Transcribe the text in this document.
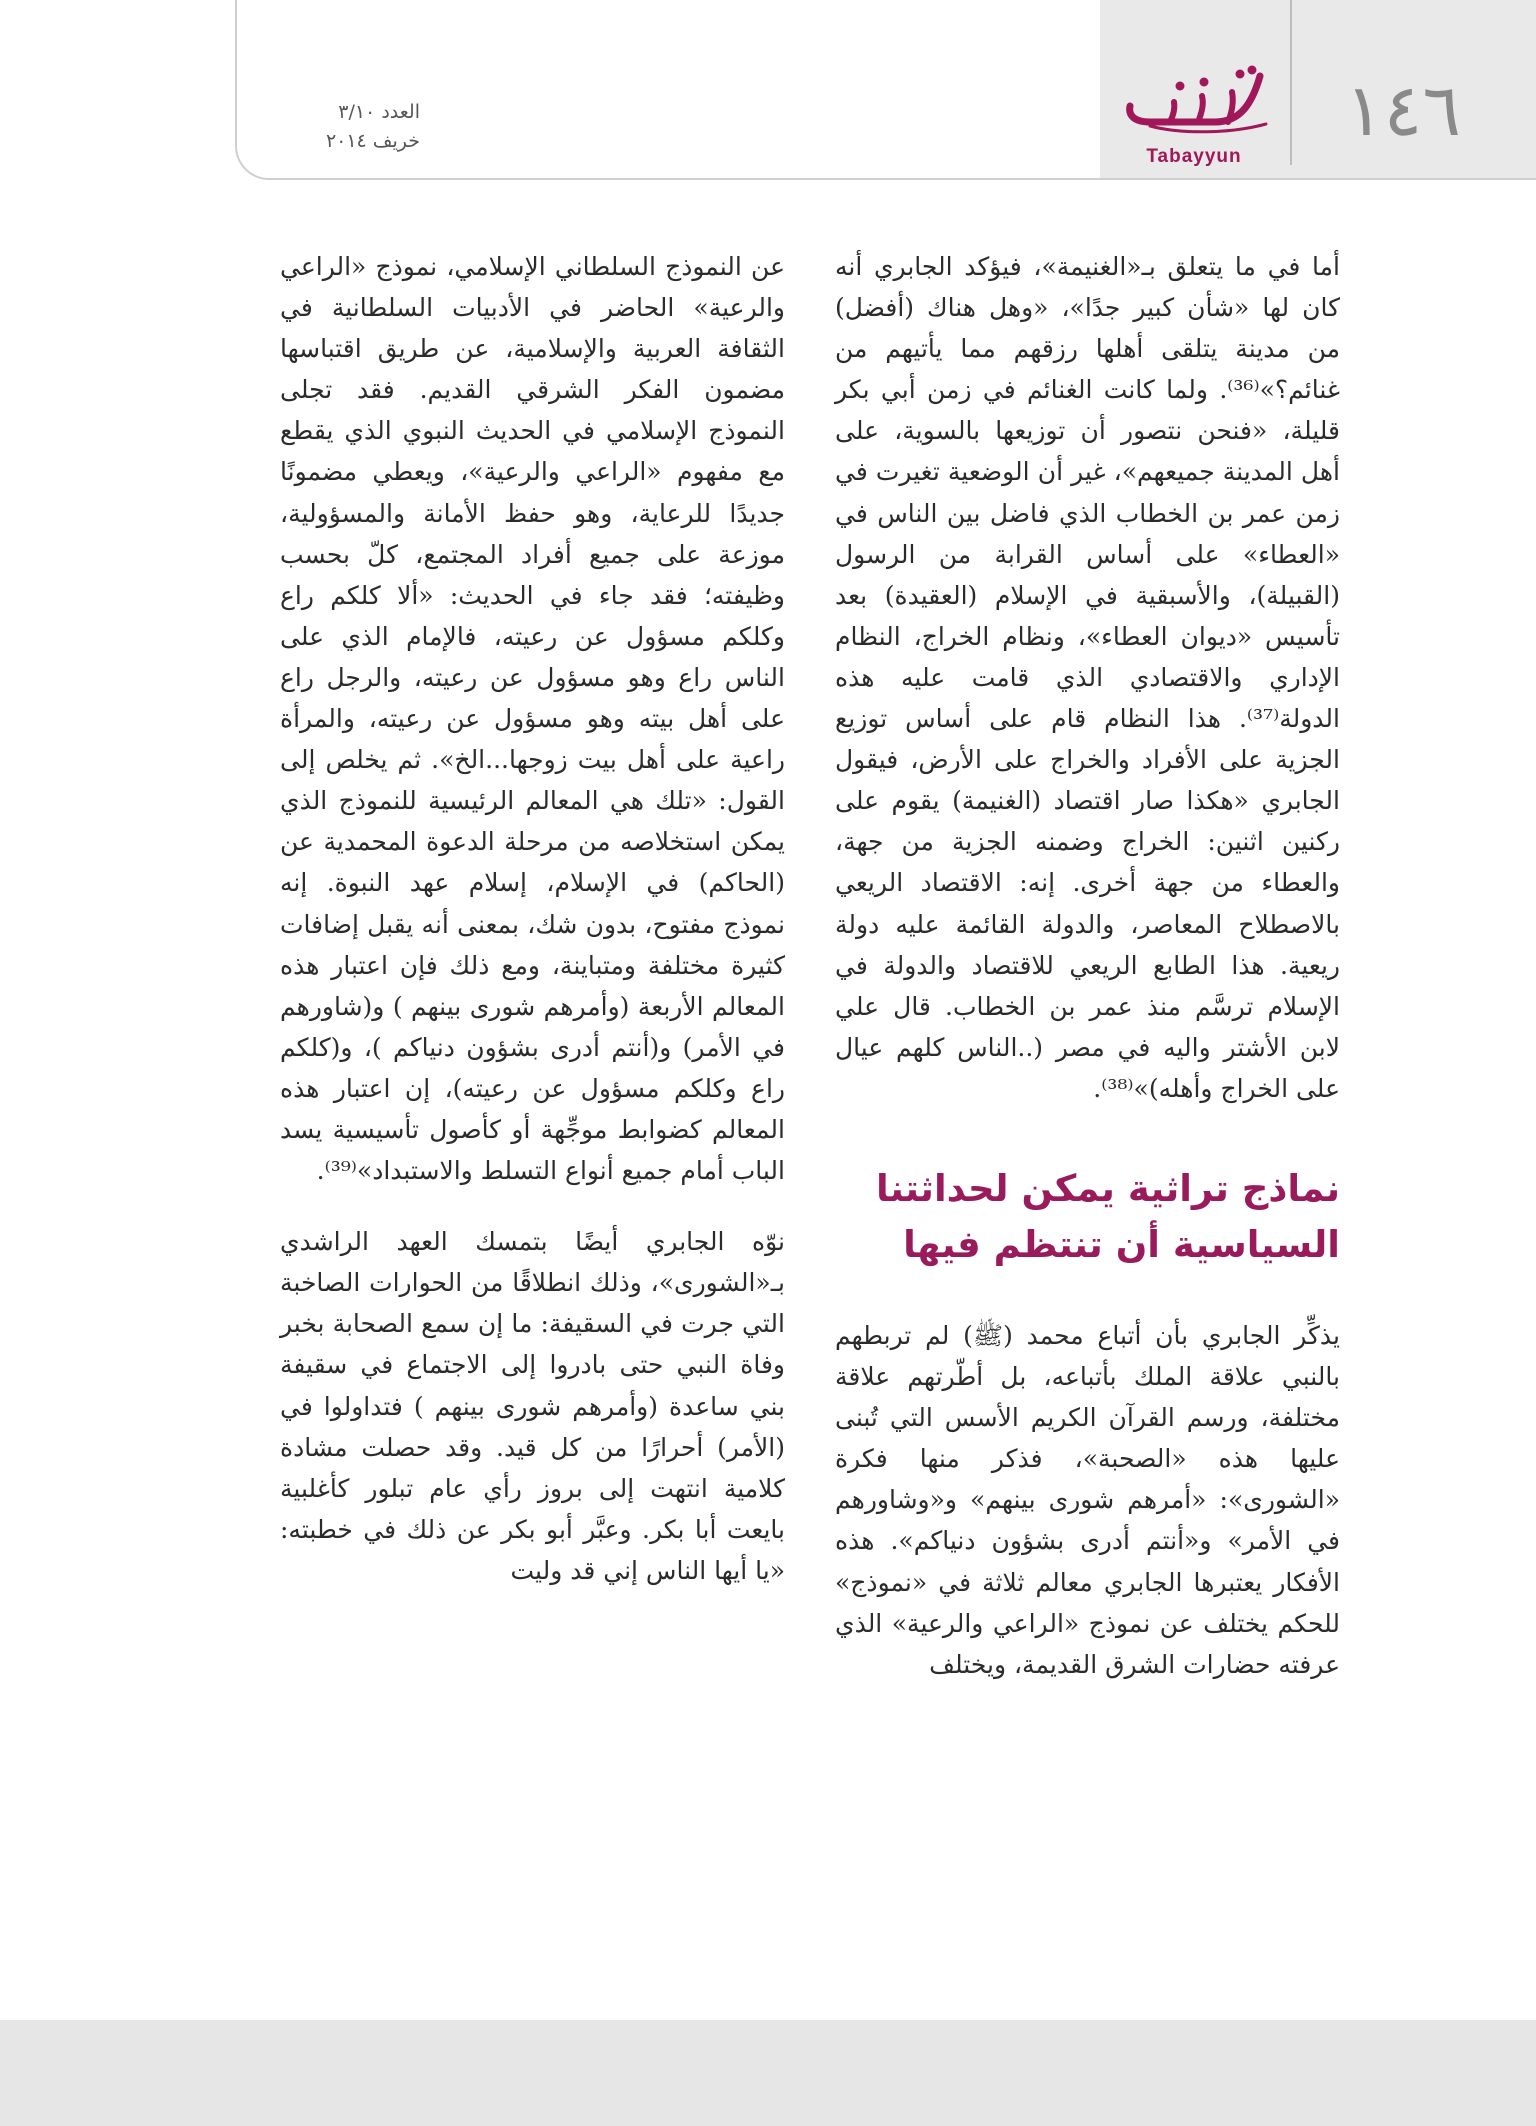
Tabayyun
١٤٦
العدد ٣/١٠
خريف ٢٠١٤

أما في ما يتعلق بـ«الغنيمة»، فيؤكد الجابري أنه كان لها «شأن كبير جدًا»، «وهل هناك (أفضل) من مدينة يتلقى أهلها رزقهم مما يأتيهم من غنائم؟»⁽³⁶⁾. ولما كانت الغنائم في زمن أبي بكر قليلة، «فنحن نتصور أن توزيعها بالسوية، على أهل المدينة جميعهم»، غير أن الوضعية تغيرت في زمن عمر بن الخطاب الذي فاضل بين الناس في «العطاء» على أساس القرابة من الرسول (القبيلة)، والأسبقية في الإسلام (العقيدة) بعد تأسيس «ديوان العطاء»، ونظام الخراج، النظام الإداري والاقتصادي الذي قامت عليه هذه الدولة⁽³⁷⁾. هذا النظام قام على أساس توزيع الجزية على الأفراد والخراج على الأرض، فيقول الجابري «هكذا صار اقتصاد (الغنيمة) يقوم على ركنين اثنين: الخراج وضمنه الجزية من جهة، والعطاء من جهة أخرى. إنه: الاقتصاد الريعي بالاصطلاح المعاصر، والدولة القائمة عليه دولة ريعية. هذا الطابع الريعي للاقتصاد والدولة في الإسلام ترسَّم منذ عمر بن الخطاب. قال علي لابن الأشتر واليه في مصر (..الناس كلهم عيال على الخراج وأهله)»⁽³⁸⁾.

نماذج تراثية يمكن لحداثتنا السياسية أن تنتظم فيها

يذكِّر الجابري بأن أتباع محمد (ﷺ) لم تربطهم بالنبي علاقة الملك بأتباعه، بل أطّرتهم علاقة مختلفة، ورسم القرآن الكريم الأسس التي تُبنى عليها هذه «الصحبة»، فذكر منها فكرة «الشورى»: «أمرهم شورى بينهم» و«وشاورهم في الأمر» و«أنتم أدرى بشؤون دنياكم». هذه الأفكار يعتبرها الجابري معالم ثلاثة في «نموذج» للحكم يختلف عن نموذج «الراعي والرعية» الذي عرفته حضارات الشرق القديمة، ويختلف

عن النموذج السلطاني الإسلامي، نموذج «الراعي والرعية» الحاضر في الأدبيات السلطانية في الثقافة العربية والإسلامية، عن طريق اقتباسها مضمون الفكر الشرقي القديم. فقد تجلى النموذج الإسلامي في الحديث النبوي الذي يقطع مع مفهوم «الراعي والرعية»، ويعطي مضمونًا جديدًا للرعاية، وهو حفظ الأمانة والمسؤولية، موزعة على جميع أفراد المجتمع، كلّ بحسب وظيفته؛ فقد جاء في الحديث: «ألا كلكم راع وكلكم مسؤول عن رعيته، فالإمام الذي على الناس راع وهو مسؤول عن رعيته، والرجل راع على أهل بيته وهو مسؤول عن رعيته، والمرأة راعية على أهل بيت زوجها...الخ». ثم يخلص إلى القول: «تلك هي المعالم الرئيسية للنموذج الذي يمكن استخلاصه من مرحلة الدعوة المحمدية عن (الحاكم) في الإسلام، إسلام عهد النبوة. إنه نموذج مفتوح، بدون شك، بمعنى أنه يقبل إضافات كثيرة مختلفة ومتباينة، ومع ذلك فإن اعتبار هذه المعالم الأربعة (وأمرهم شورى بينهم ) و(شاورهم في الأمر) و(أنتم أدرى بشؤون دنياكم )، و(كلكم راع وكلكم مسؤول عن رعيته)، إن اعتبار هذه المعالم كضوابط موجِّهة أو كأصول تأسيسية يسد الباب أمام جميع أنواع التسلط والاستبداد»⁽³⁹⁾.

نوّه الجابري أيضًا بتمسك العهد الراشدي بـ«الشورى»، وذلك انطلاقًا من الحوارات الصاخبة التي جرت في السقيفة: ما إن سمع الصحابة بخبر وفاة النبي حتى بادروا إلى الاجتماع في سقيفة بني ساعدة (وأمرهم شورى بينهم ) فتداولوا في (الأمر) أحرارًا من كل قيد. وقد حصلت مشادة كلامية انتهت إلى بروز رأي عام تبلور كأغلبية بايعت أبا بكر. وعبَّر أبو بكر عن ذلك في خطبته: «يا أيها الناس إني قد وليت
